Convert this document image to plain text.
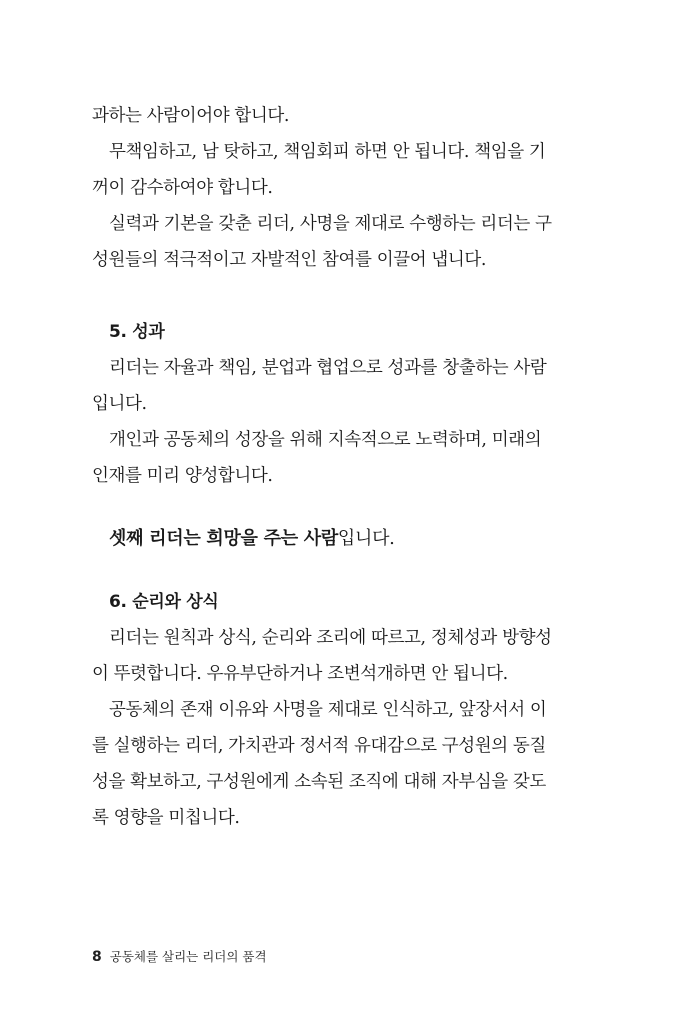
과하는 사람이어야 합니다.
무책임하고, 남 탓하고, 책임회피 하면 안 됩니다. 책임을 기
꺼이 감수하여야 합니다.
실력과 기본을 갖춘 리더, 사명을 제대로 수행하는 리더는 구
성원들의 적극적이고 자발적인 참여를 이끌어 냅니다.
5. 성과
리더는 자율과 책임, 분업과 협업으로 성과를 창출하는 사람
입니다.
개인과 공동체의 성장을 위해 지속적으로 노력하며, 미래의
인재를 미리 양성합니다.
셋째 리더는 희망을 주는 사람입니다.
6. 순리와 상식
리더는 원칙과 상식, 순리와 조리에 따르고, 정체성과 방향성
이 뚜렷합니다. 우유부단하거나 조변석개하면 안 됩니다.
공동체의 존재 이유와 사명을 제대로 인식하고, 앞장서서 이
를 실행하는 리더, 가치관과 정서적 유대감으로 구성원의 동질
성을 확보하고, 구성원에게 소속된 조직에 대해 자부심을 갖도
록 영향을 미칩니다.
8 공동체를 살리는 리더의 품격
